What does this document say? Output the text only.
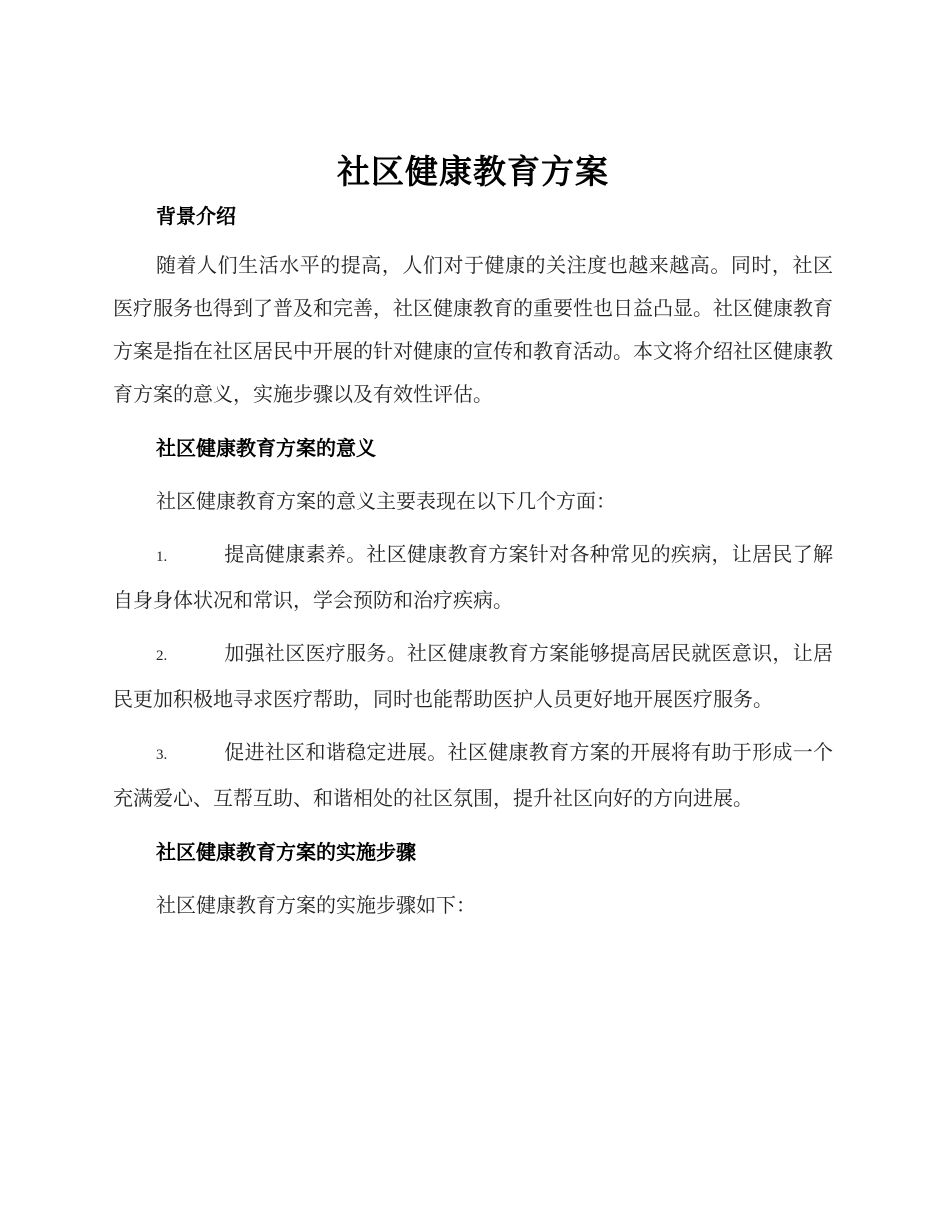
社区健康教育方案
背景介绍

随着人们生活水平的提高，人们对于健康的关注度也越来越高。同时，社区医疗服务也得到了普及和完善，社区健康教育的重要性也日益凸显。社区健康教育方案是指在社区居民中开展的针对健康的宣传和教育活动。本文将介绍社区健康教育方案的意义，实施步骤以及有效性评估。

社区健康教育方案的意义

社区健康教育方案的意义主要表现在以下几个方面：

1.	提高健康素养。社区健康教育方案针对各种常见的疾病，让居民了解自身身体状况和常识，学会预防和治疗疾病。

2.	加强社区医疗服务。社区健康教育方案能够提高居民就医意识，让居民更加积极地寻求医疗帮助，同时也能帮助医护人员更好地开展医疗服务。

3.	促进社区和谐稳定进展。社区健康教育方案的开展将有助于形成一个充满爱心、互帮互助、和谐相处的社区氛围，提升社区向好的方向进展。

社区健康教育方案的实施步骤

社区健康教育方案的实施步骤如下：
